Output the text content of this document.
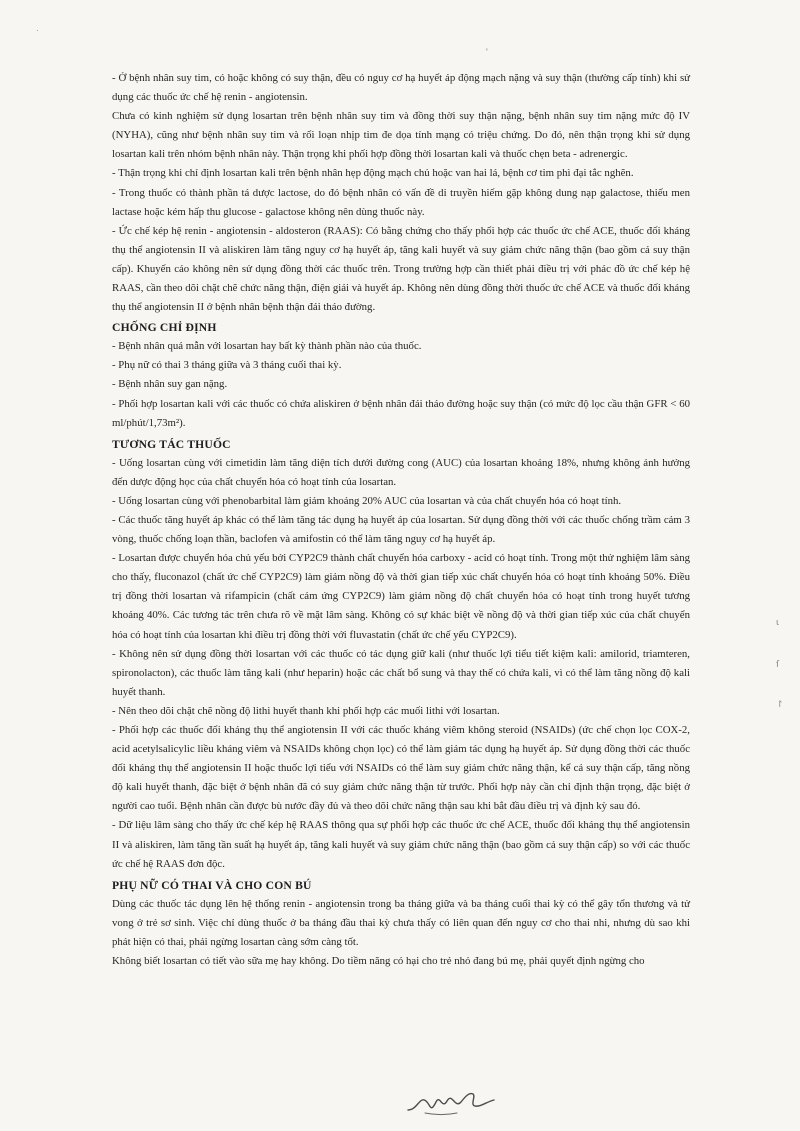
·
'

- Ở bệnh nhân suy tim, có hoặc không có suy thận, đều có nguy cơ hạ huyết áp động mạch nặng và suy thận (thường cấp tính) khi sử dụng các thuốc ức chế hệ renin - angiotensin.

Chưa có kinh nghiệm sử dụng losartan trên bệnh nhân suy tim và đồng thời suy thận nặng, bệnh nhân suy tim nặng mức độ IV (NYHA), cũng như bệnh nhân suy tim và rối loạn nhịp tim đe dọa tính mạng có triệu chứng. Do đó, nên thận trọng khi sử dụng losartan kali trên nhóm bệnh nhân này. Thận trọng khi phối hợp đồng thời losartan kali và thuốc chẹn beta - adrenergic.

- Thận trọng khi chỉ định losartan kali trên bệnh nhân hẹp động mạch chủ hoặc van hai lá, bệnh cơ tim phì đại tắc nghẽn.

- Trong thuốc có thành phần tá dược lactose, do đó bệnh nhân có vấn đề di truyền hiếm gặp không dung nạp galactose, thiếu men lactase hoặc kém hấp thu glucose - galactose không nên dùng thuốc này.

- Ức chế kép hệ renin - angiotensin - aldosteron (RAAS): Có bằng chứng cho thấy phối hợp các thuốc ức chế ACE, thuốc đối kháng thụ thể angiotensin II và aliskiren làm tăng nguy cơ hạ huyết áp, tăng kali huyết và suy giảm chức năng thận (bao gồm cả suy thận cấp). Khuyến cáo không nên sử dụng đồng thời các thuốc trên. Trong trường hợp cần thiết phải điều trị với phác đồ ức chế kép hệ RAAS, cần theo dõi chặt chẽ chức năng thận, điện giải và huyết áp. Không nên dùng đồng thời thuốc ức chế ACE và thuốc đối kháng thụ thể angiotensin II ở bệnh nhân bệnh thận đái tháo đường.

CHỐNG CHỈ ĐỊNH

- Bệnh nhân quá mẫn với losartan hay bất kỳ thành phần nào của thuốc.

- Phụ nữ có thai 3 tháng giữa và 3 tháng cuối thai kỳ.

- Bệnh nhân suy gan nặng.

- Phối hợp losartan kali với các thuốc có chứa aliskiren ở bệnh nhân đái tháo đường hoặc suy thận (có mức độ lọc cầu thận GFR < 60 ml/phút/1,73m²).

TƯƠNG TÁC THUỐC

- Uống losartan cùng với cimetidin làm tăng diện tích dưới đường cong (AUC) của losartan khoảng 18%, nhưng không ảnh hưởng đến dược động học của chất chuyển hóa có hoạt tính của losartan.

- Uống losartan cùng với phenobarbital làm giảm khoảng 20% AUC của losartan và của chất chuyển hóa có hoạt tính.

- Các thuốc tăng huyết áp khác có thể làm tăng tác dụng hạ huyết áp của losartan. Sử dụng đồng thời với các thuốc chống trầm cảm 3 vòng, thuốc chống loạn thần, baclofen và amifostin có thể làm tăng nguy cơ hạ huyết áp.

- Losartan được chuyển hóa chủ yếu bởi CYP2C9 thành chất chuyển hóa carboxy - acid có hoạt tính. Trong một thử nghiệm lâm sàng cho thấy, fluconazol (chất ức chế CYP2C9) làm giảm nồng độ và thời gian tiếp xúc chất chuyển hóa có hoạt tính khoảng 50%. Điều trị đồng thời losartan và rifampicin (chất cảm ứng CYP2C9) làm giảm nồng độ chất chuyển hóa có hoạt tính trong huyết tương khoảng 40%. Các tương tác trên chưa rõ về mặt lâm sàng. Không có sự khác biệt về nồng độ và thời gian tiếp xúc của chất chuyển hóa có hoạt tính của losartan khi điều trị đồng thời với fluvastatin (chất ức chế yếu CYP2C9).

- Không nên sử dụng đồng thời losartan với các thuốc có tác dụng giữ kali (như thuốc lợi tiểu tiết kiệm kali: amilorid, triamteren, spironolacton), các thuốc làm tăng kali (như heparin) hoặc các chất bổ sung và thay thế có chứa kali, vì có thể làm tăng nồng độ kali huyết thanh.

- Nên theo dõi chặt chẽ nồng độ lithi huyết thanh khi phối hợp các muối lithi với losartan.

- Phối hợp các thuốc đối kháng thụ thể angiotensin II với các thuốc kháng viêm không steroid (NSAIDs) (ức chế chọn lọc COX-2, acid acetylsalicylic liều kháng viêm và NSAIDs không chọn lọc) có thể làm giảm tác dụng hạ huyết áp. Sử dụng đồng thời các thuốc đối kháng thụ thể angiotensin II hoặc thuốc lợi tiểu với NSAIDs có thể làm suy giảm chức năng thận, kể cả suy thận cấp, tăng nồng độ kali huyết thanh, đặc biệt ở bệnh nhân đã có suy giảm chức năng thận từ trước. Phối hợp này cần chỉ định thận trọng, đặc biệt ở người cao tuổi. Bệnh nhân cần được bù nước đầy đủ và theo dõi chức năng thận sau khi bắt đầu điều trị và định kỳ sau đó.

- Dữ liệu lâm sàng cho thấy ức chế kép hệ RAAS thông qua sự phối hợp các thuốc ức chế ACE, thuốc đối kháng thụ thể angiotensin II và aliskiren, làm tăng tần suất hạ huyết áp, tăng kali huyết và suy giảm chức năng thận (bao gồm cả suy thận cấp) so với các thuốc ức chế hệ RAAS đơn độc.

PHỤ NỮ CÓ THAI VÀ CHO CON BÚ

Dùng các thuốc tác dụng lên hệ thống renin - angiotensin trong ba tháng giữa và ba tháng cuối thai kỳ có thể gây tổn thương và tử vong ở trẻ sơ sinh. Việc chỉ dùng thuốc ở ba tháng đầu thai kỳ chưa thấy có liên quan đến nguy cơ cho thai nhi, nhưng dù sao khi phát hiện có thai, phải ngừng losartan càng sớm càng tốt.

Không biết losartan có tiết vào sữa mẹ hay không. Do tiềm năng có hại cho trẻ nhỏ đang bú mẹ, phải quyết định ngừng cho

ι
ſ
↾
